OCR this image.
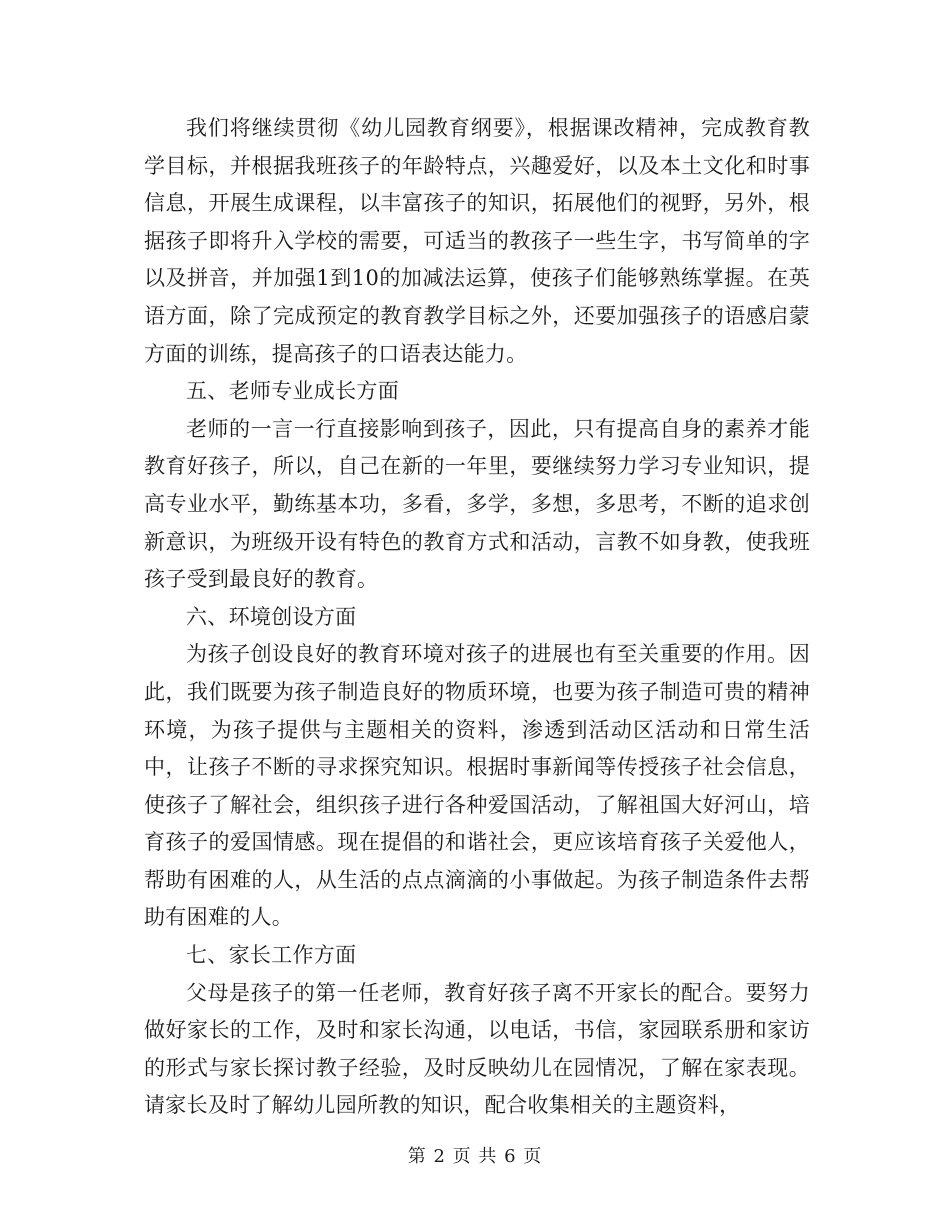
我们将继续贯彻《幼儿园教育纲要》，根据课改精神，完成教育教学目标，并根据我班孩子的年龄特点，兴趣爱好，以及本土文化和时事信息，开展生成课程，以丰富孩子的知识，拓展他们的视野，另外，根据孩子即将升入学校的需要，可适当的教孩子一些生字，书写简单的字以及拼音，并加强1到10的加减法运算，使孩子们能够熟练掌握。在英语方面，除了完成预定的教育教学目标之外，还要加强孩子的语感启蒙方面的训练，提高孩子的口语表达能力。

五、老师专业成长方面

老师的一言一行直接影响到孩子，因此，只有提高自身的素养才能教育好孩子，所以，自己在新的一年里，要继续努力学习专业知识，提高专业水平，勤练基本功，多看，多学，多想，多思考，不断的追求创新意识，为班级开设有特色的教育方式和活动，言教不如身教，使我班孩子受到最良好的教育。

六、环境创设方面

为孩子创设良好的教育环境对孩子的进展也有至关重要的作用。因此，我们既要为孩子制造良好的物质环境，也要为孩子制造可贵的精神环境，为孩子提供与主题相关的资料，渗透到活动区活动和日常生活中，让孩子不断的寻求探究知识。根据时事新闻等传授孩子社会信息，使孩子了解社会，组织孩子进行各种爱国活动，了解祖国大好河山，培育孩子的爱国情感。现在提倡的和谐社会，更应该培育孩子关爱他人，帮助有困难的人，从生活的点点滴滴的小事做起。为孩子制造条件去帮助有困难的人。

七、家长工作方面

父母是孩子的第一任老师，教育好孩子离不开家长的配合。要努力做好家长的工作，及时和家长沟通，以电话，书信，家园联系册和家访的形式与家长探讨教子经验，及时反映幼儿在园情况，了解在家表现。请家长及时了解幼儿园所教的知识，配合收集相关的主题资料，

第 2 页 共 6 页
